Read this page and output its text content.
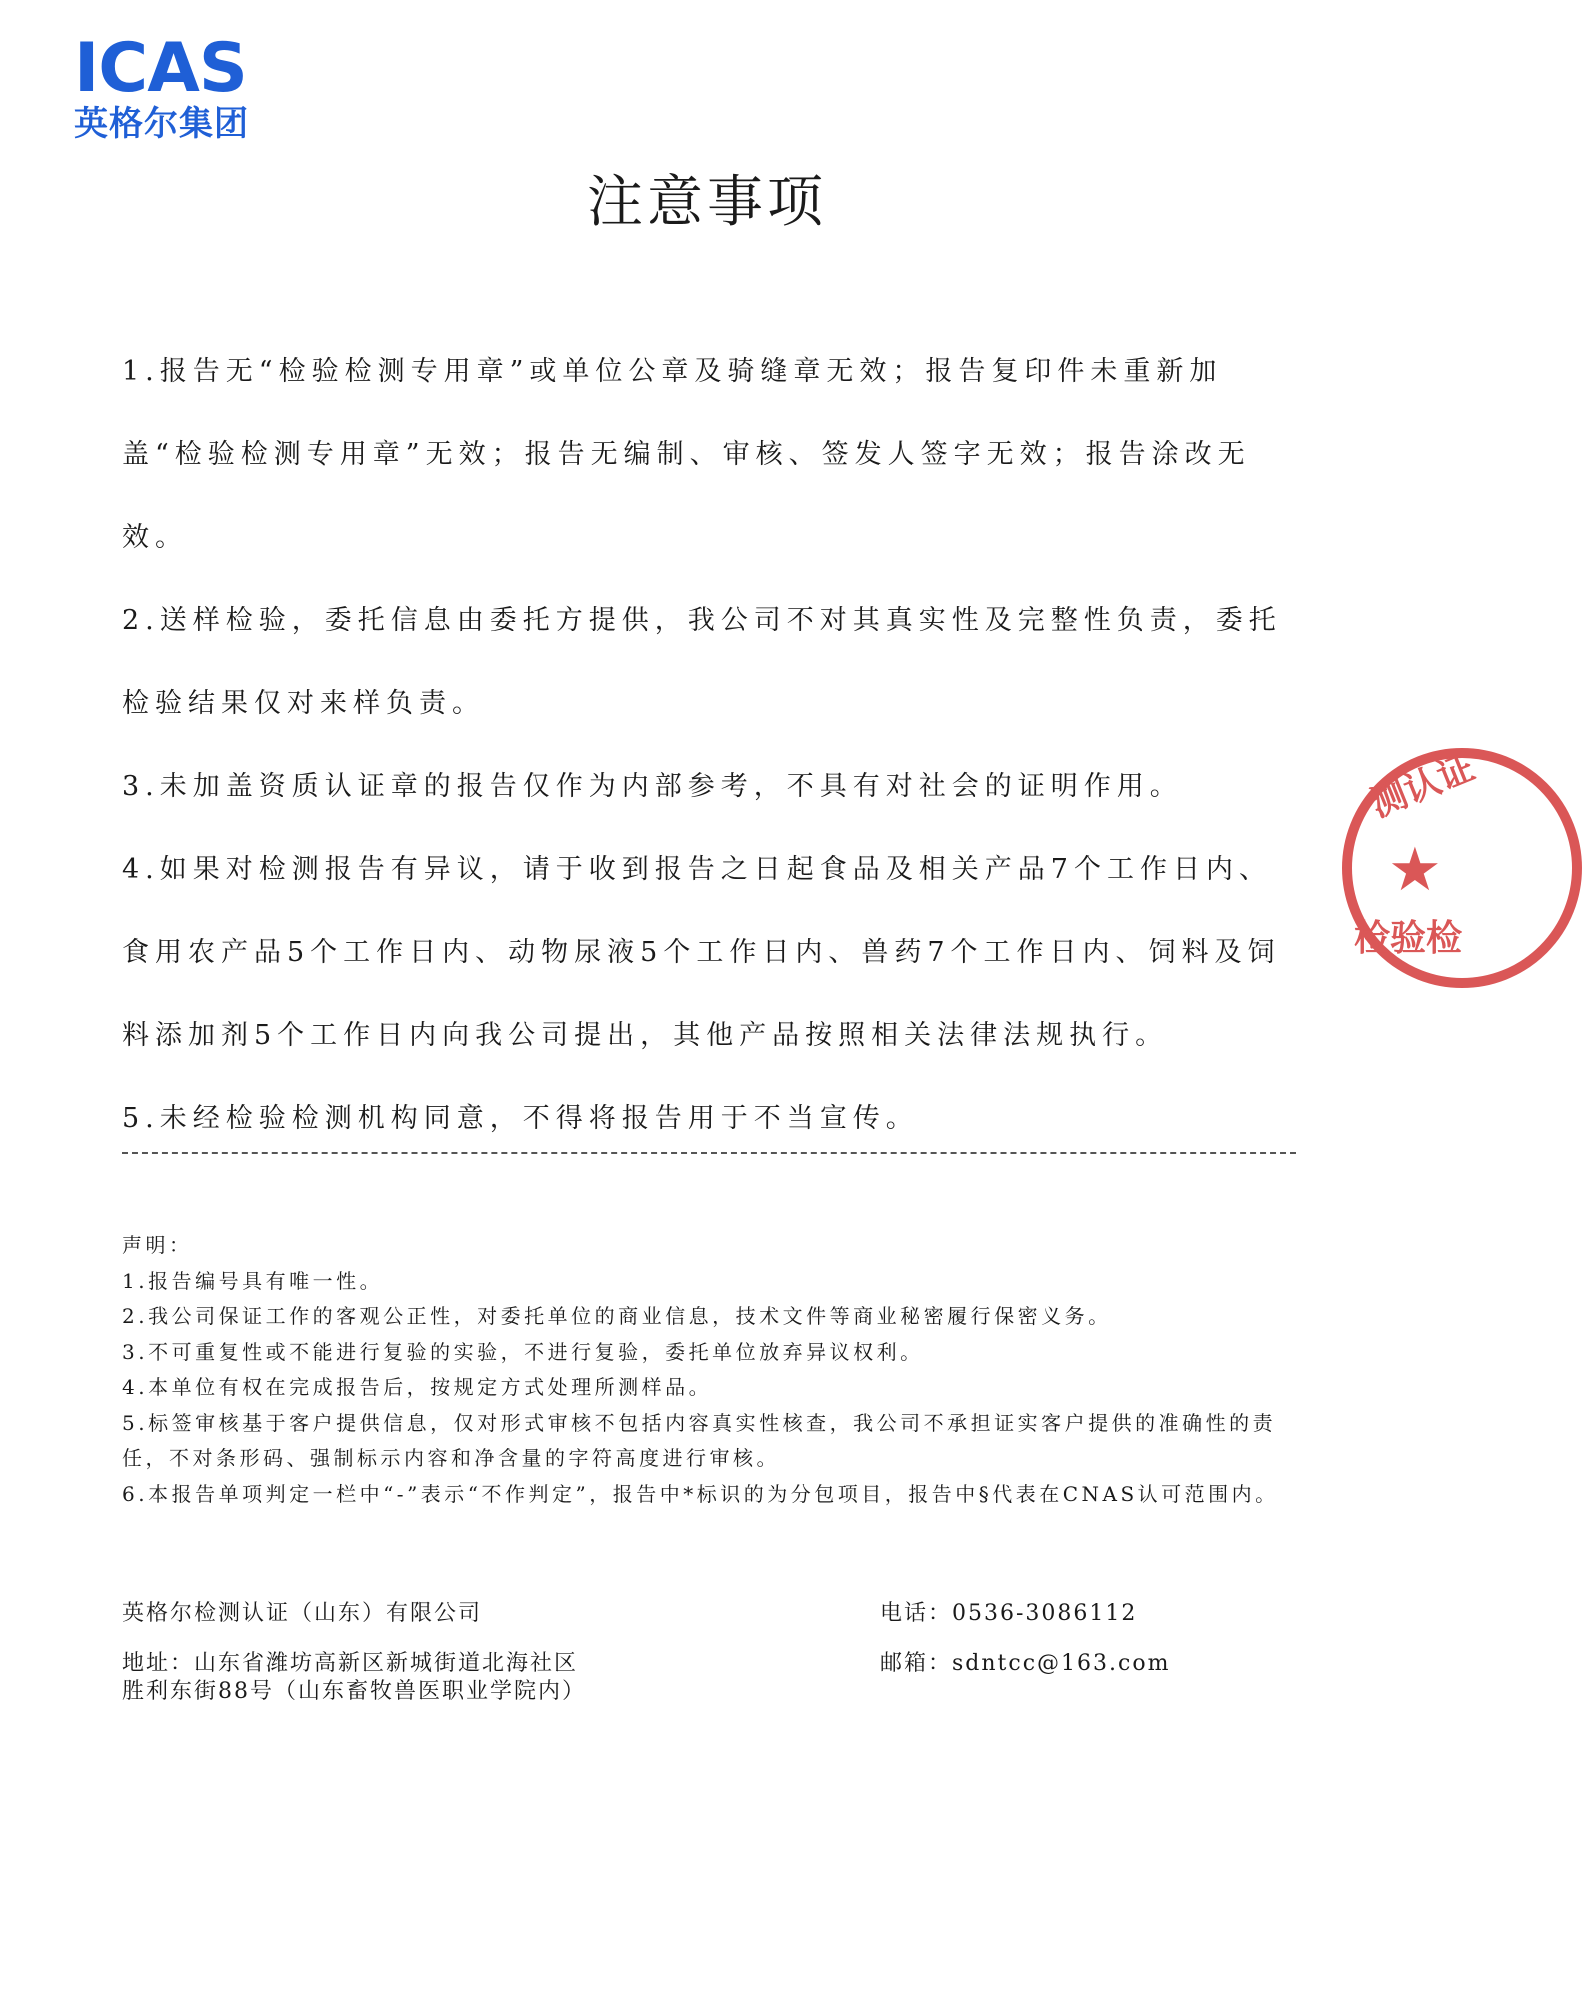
ICAS
英格尔集团
注意事项

1.报告无“检验检测专用章”或单位公章及骑缝章无效；报告复印件未重新加盖“检验检测专用章”无效；报告无编制、审核、签发人签字无效；报告涂改无效。

2.送样检验，委托信息由委托方提供，我公司不对其真实性及完整性负责，委托检验结果仅对来样负责。

3.未加盖资质认证章的报告仅作为内部参考，不具有对社会的证明作用。

4.如果对检测报告有异议，请于收到报告之日起食品及相关产品7个工作日内、食用农产品5个工作日内、动物尿液5个工作日内、兽药7个工作日内、饲料及饲料添加剂5个工作日内向我公司提出，其他产品按照相关法律法规执行。

5.未经检验检测机构同意，不得将报告用于不当宣传。

测认证
★
检验检

声明：

1.报告编号具有唯一性。

2.我公司保证工作的客观公正性，对委托单位的商业信息，技术文件等商业秘密履行保密义务。

3.不可重复性或不能进行复验的实验，不进行复验，委托单位放弃异议权利。

4.本单位有权在完成报告后，按规定方式处理所测样品。

5.标签审核基于客户提供信息，仅对形式审核不包括内容真实性核查，我公司不承担证实客户提供的准确性的责任，不对条形码、强制标示内容和净含量的字符高度进行审核。

6.本报告单项判定一栏中“-”表示“不作判定”，报告中*标识的为分包项目，报告中§代表在CNAS认可范围内。

英格尔检测认证（山东）有限公司

地址：山东省潍坊高新区新城街道北海社区

胜利东街88号（山东畜牧兽医职业学院内）

电话：0536-3086112

邮箱：sdntcc@163.com
